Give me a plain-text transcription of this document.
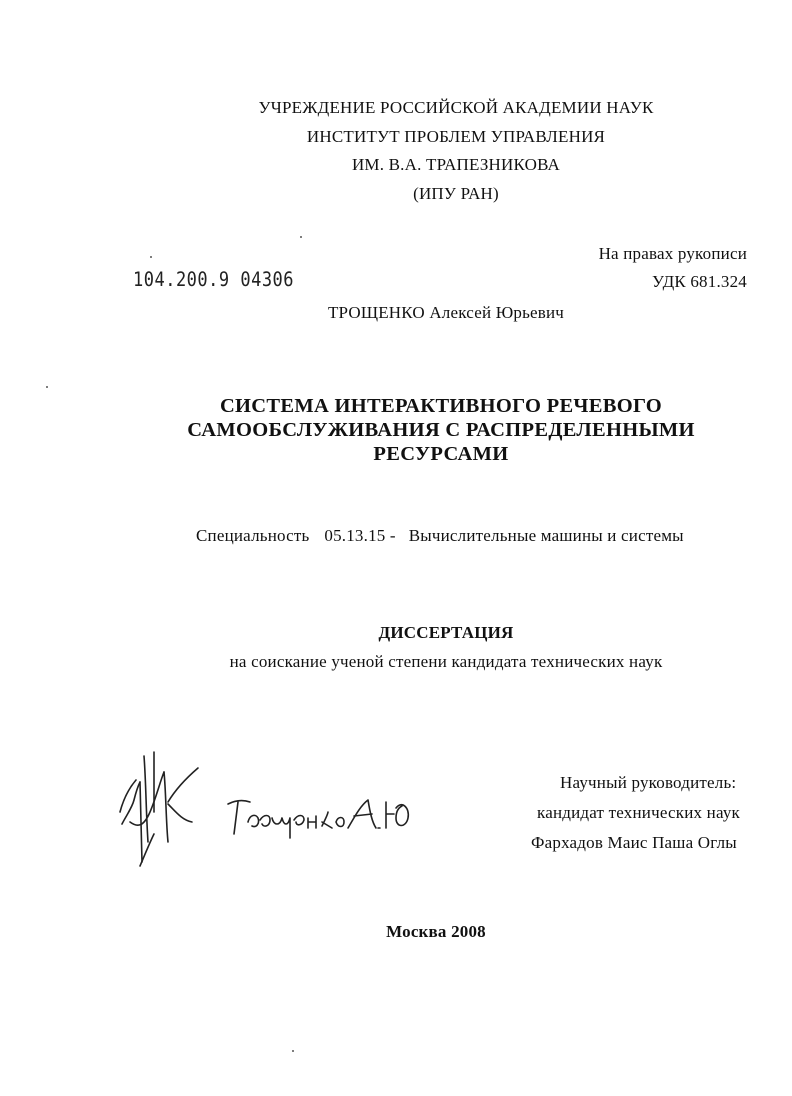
УЧРЕЖДЕНИЕ РОССИЙСКОЙ АКАДЕМИИ НАУК
ИНСТИТУТ ПРОБЛЕМ УПРАВЛЕНИЯ
ИМ. В.А. ТРАПЕЗНИКОВА
(ИПУ РАН)
На правах рукописи
УДК 681.324
104.200.9 04306
ТРОЩЕНКО Алексей Юрьевич
СИСТЕМА ИНТЕРАКТИВНОГО РЕЧЕВОГО
САМООБСЛУЖИВАНИЯ С РАСПРЕДЕЛЕННЫМИ
РЕСУРСАМИ
Специальность 05.13.15 - Вычислительные машины и системы
ДИССЕРТАЦИЯ
на соискание ученой степени кандидата технических наук
Научный руководитель:
кандидат технических наук
Фархадов Маис Паша Оглы
Москва 2008
